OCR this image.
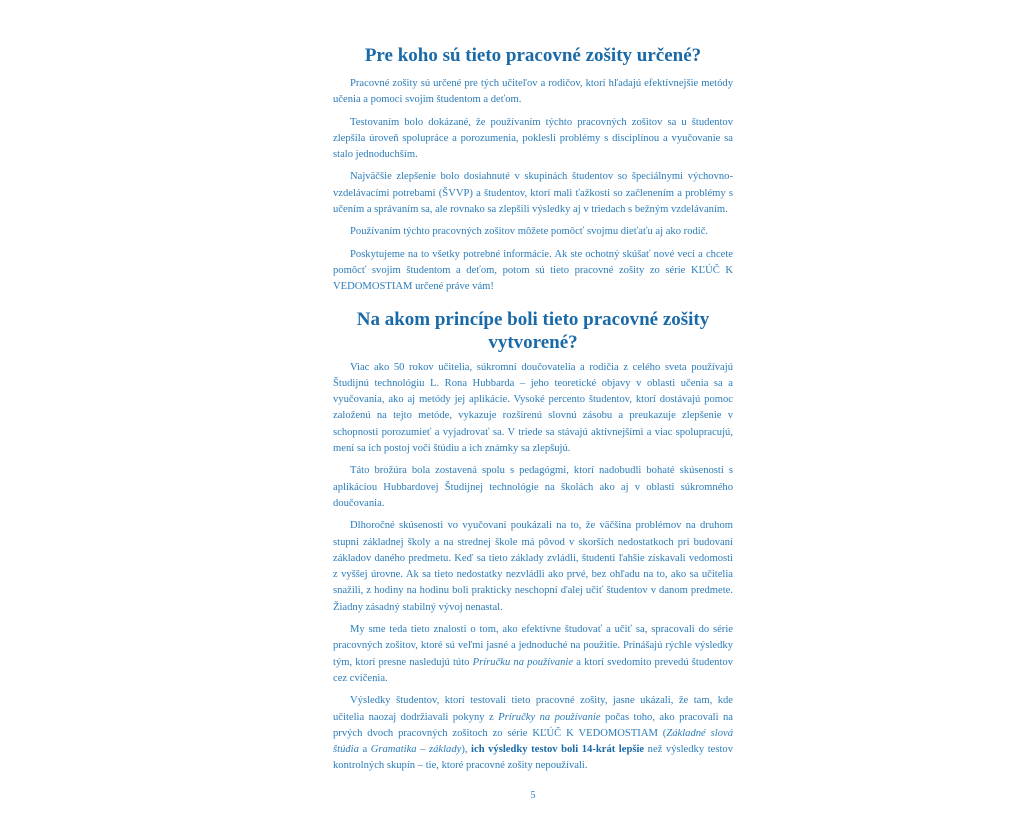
Pre koho sú tieto pracovné zošity určené?

Pracovné zošity sú určené pre tých učiteľov a rodičov, ktorí hľadajú efektívnejšie metódy učenia a pomoci svojim študentom a deťom.

Testovaním bolo dokázané, že používaním týchto pracovných zošitov sa u študentov zlepšila úroveň spolupráce a porozumenia, poklesli problémy s disciplínou a vyučovanie sa stalo jednoduchším.

Najväčšie zlepšenie bolo dosiahnuté v skupinách študentov so špeciálnymi výchovno-vzdelávacími potrebami (ŠVVP) a študentov, ktorí mali ťažkosti so začlenením a problémy s učením a správaním sa, ale rovnako sa zlepšili výsledky aj v triedach s bežným vzdelávaním.

Používaním týchto pracovných zošitov môžete pomôcť svojmu dieťaťu aj ako rodič.

Poskytujeme na to všetky potrebné informácie. Ak ste ochotný skúšať nové veci a chcete pomôcť svojim študentom a deťom, potom sú tieto pracovné zošity zo série KĽÚČ K VEDOMOSTIAM určené práve vám!

Na akom princípe boli tieto pracovné zošity vytvorené?

Viac ako 50 rokov učitelia, súkromní doučovatelia a rodičia z celého sveta používajú Študijnú technológiu L. Rona Hubbarda – jeho teoretické objavy v oblasti učenia sa a vyučovania, ako aj metódy jej aplikácie. Vysoké percento študentov, ktorí dostávajú pomoc založenú na tejto metóde, vykazuje rozšírenú slovnú zásobu a preukazuje zlepšenie v schopnosti porozumieť a vyjadrovať sa. V triede sa stávajú aktívnejšími a viac spolupracujú, mení sa ich postoj voči štúdiu a ich známky sa zlepšujú.

Táto brožúra bola zostavená spolu s pedagógmi, ktorí nadobudli bohaté skúsenosti s aplikáciou Hubbardovej Študijnej technológie na školách ako aj v oblasti súkromného doučovania.

Dlhoročné skúsenosti vo vyučovaní poukázali na to, že väčšina problémov na druhom stupni základnej školy a na strednej škole má pôvod v skorších nedostatkoch pri budovaní základov daného predmetu. Keď sa tieto základy zvládli, študenti ľahšie získavali vedomosti z vyššej úrovne. Ak sa tieto nedostatky nezvládli ako prvé, bez ohľadu na to, ako sa učitelia snažili, z hodiny na hodinu boli prakticky neschopní ďalej učiť študentov v danom predmete. Žiadny zásadný stabilný vývoj nenastal.

My sme teda tieto znalosti o tom, ako efektívne študovať a učiť sa, spracovali do série pracovných zošitov, ktoré sú veľmi jasné a jednoduché na použitie. Prinášajú rýchle výsledky tým, ktorí presne nasledujú túto Príručku na používanie a ktorí svedomito prevedú študentov cez cvičenia.

Výsledky študentov, ktorí testovali tieto pracovné zošity, jasne ukázali, že tam, kde učitelia naozaj dodržiavali pokyny z Príručky na používanie počas toho, ako pracovali na prvých dvoch pracovných zošitoch zo série KĽÚČ K VEDOMOSTIAM (Základné slová štúdia a Gramatika – základy), ich výsledky testov boli 14-krát lepšie než výsledky testov kontrolných skupín – tie, ktoré pracovné zošity nepoužívali.

5
